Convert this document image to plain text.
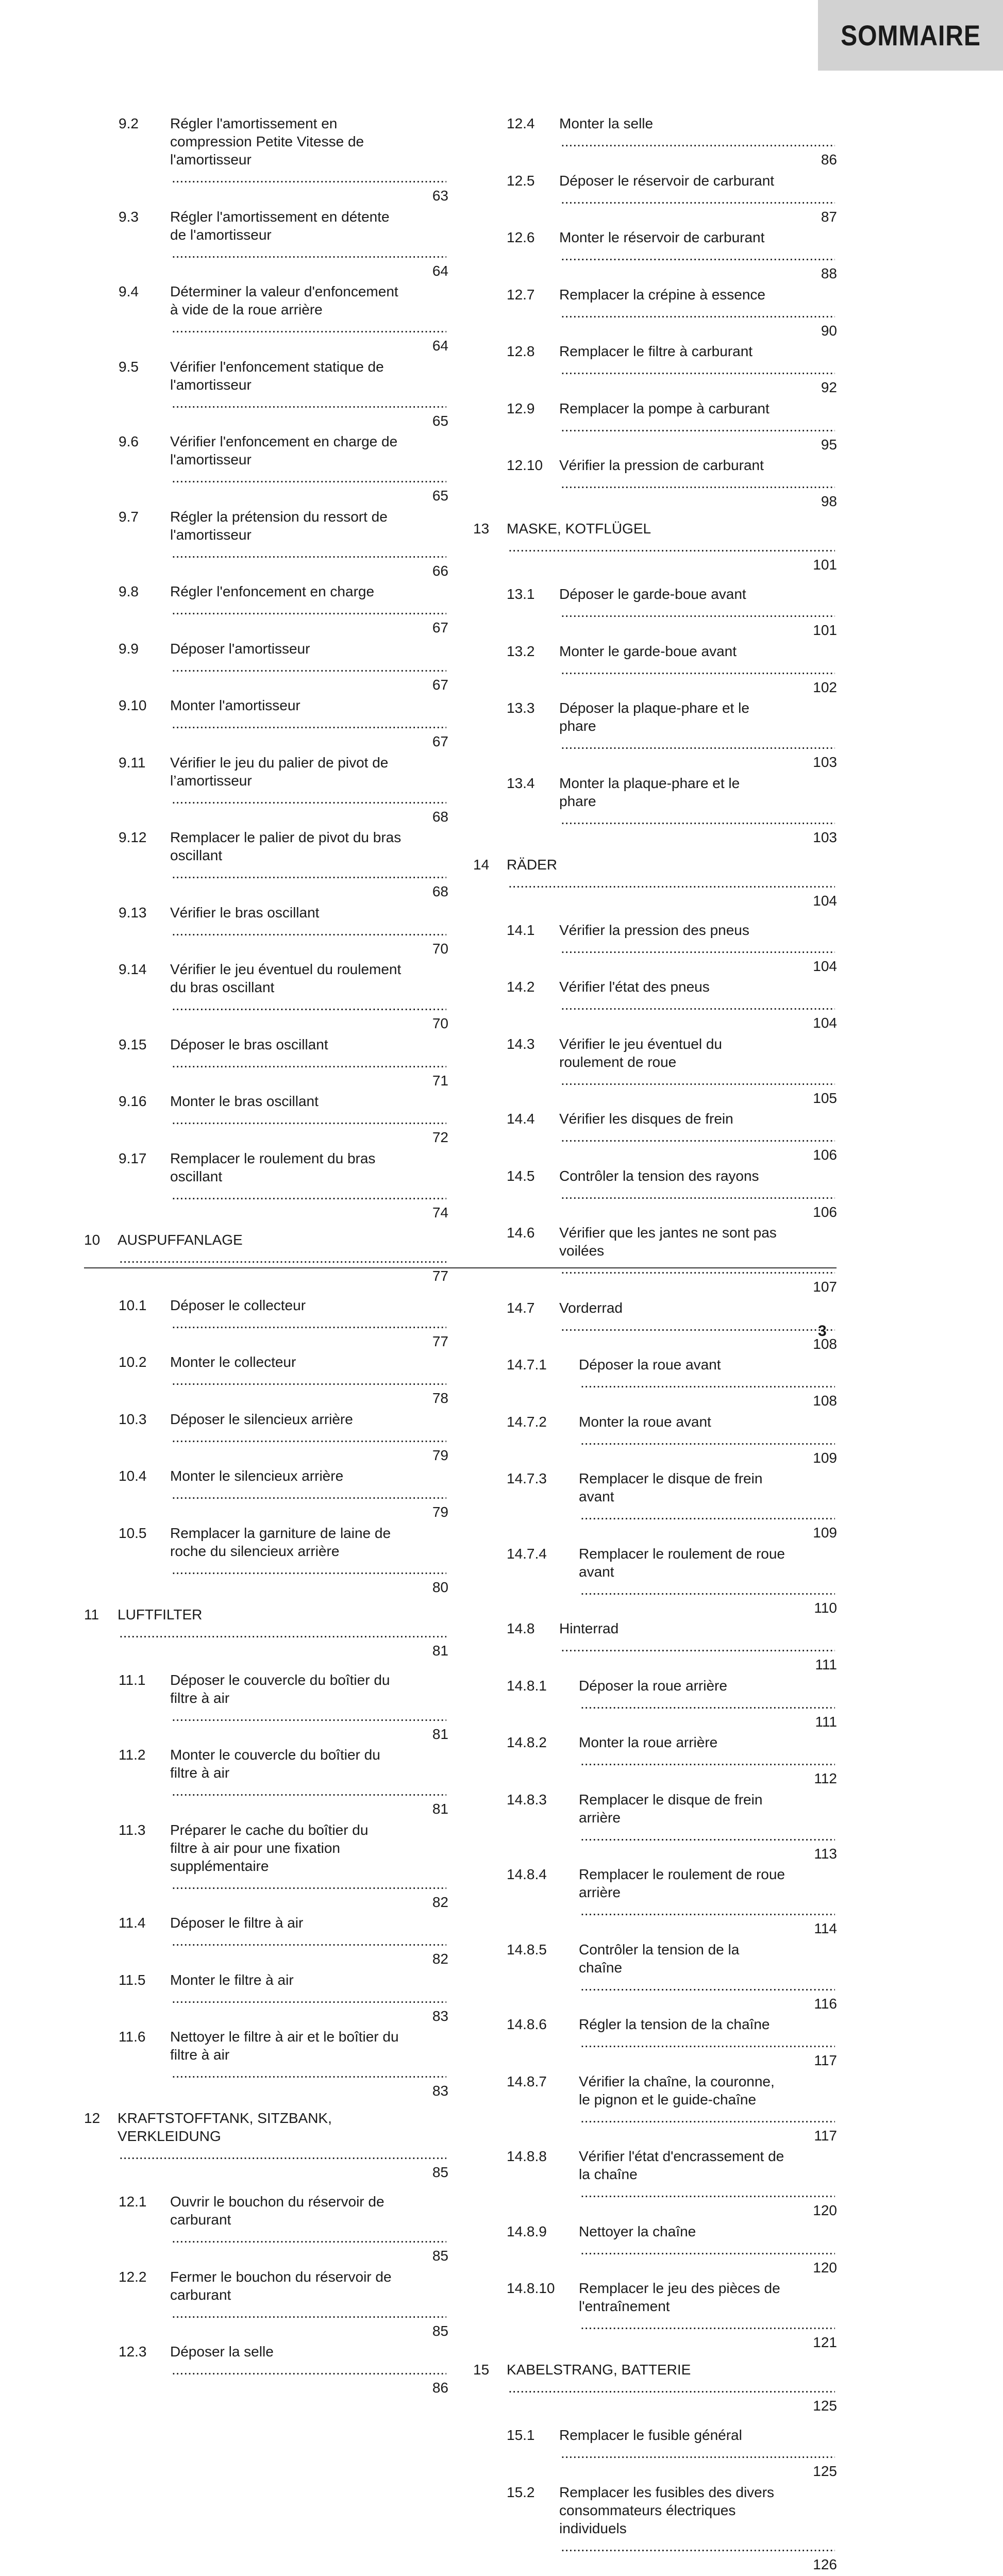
SOMMAIRE
9.2 Régler l'amortissement en
compression Petite Vitesse de
l'amortisseur
.....
63
9.3 Régler l'amortissement en détente
de l'amortisseur
.....
64
9.4 Déterminer la valeur d'enfoncement
à vide de la roue arrière
.....
64
9.5 Vérifier l'enfoncement statique de
l'amortisseur
.....
65
9.6 Vérifier l'enfoncement en charge de
l'amortisseur
.....
65
9.7 Régler la prétension du ressort de
l'amortisseur
.....
66
9.8 Régler l'enfoncement en charge
.....
67
9.9 Déposer l'amortisseur
.....
67
9.10 Monter l'amortisseur
.....
67
9.11 Vérifier le jeu du palier de pivot de
l’amortisseur
.....
68
9.12 Remplacer le palier de pivot du bras
oscillant
.....
68
9.13 Vérifier le bras oscillant
.....
70
9.14 Vérifier le jeu éventuel du roulement
du bras oscillant
.....
70
9.15 Déposer le bras oscillant
.....
71
9.16 Monter le bras oscillant
.....
72
9.17 Remplacer le roulement du bras
oscillant
.....
74
10 AUSPUFFANLAGE
.....
77
10.1 Déposer le collecteur
.....
77
10.2 Monter le collecteur
.....
78
10.3 Déposer le silencieux arrière
.....
79
10.4 Monter le silencieux arrière
.....
79
10.5 Remplacer la garniture de laine de
roche du silencieux arrière
.....
80
11 LUFTFILTER
.....
81
11.1 Déposer le couvercle du boîtier du
filtre à air
.....
81
11.2 Monter le couvercle du boîtier du
filtre à air
.....
81
11.3 Préparer le cache du boîtier du
filtre à air pour une fixation
supplémentaire
.....
82
11.4 Déposer le filtre à air
.....
82
11.5 Monter le filtre à air
.....
83
11.6 Nettoyer le filtre à air et le boîtier du
filtre à air
.....
83
12 KRAFTSTOFFTANK, SITZBANK,
VERKLEIDUNG
.....
85
12.1 Ouvrir le bouchon du réservoir de
carburant
.....
85
12.2 Fermer le bouchon du réservoir de
carburant
.....
85
12.3 Déposer la selle
.....
86
12.4 Monter la selle
.....
86
12.5 Déposer le réservoir de carburant
.....
87
12.6 Monter le réservoir de carburant
.....
88
12.7 Remplacer la crépine à essence
.....
90
12.8 Remplacer le filtre à carburant
.....
92
12.9 Remplacer la pompe à carburant
.....
95
12.10 Vérifier la pression de carburant
.....
98
13 MASKE, KOTFLÜGEL
.....
101
13.1 Déposer le garde-boue avant
.....
101
13.2 Monter le garde-boue avant
.....
102
13.3 Déposer la plaque-phare et le
phare
.....
103
13.4 Monter la plaque-phare et le
phare
.....
103
14 RÄDER
.....
104
14.1 Vérifier la pression des pneus
.....
104
14.2 Vérifier l'état des pneus
.....
104
14.3 Vérifier le jeu éventuel du
roulement de roue
.....
105
14.4 Vérifier les disques de frein
.....
106
14.5 Contrôler la tension des rayons
.....
106
14.6 Vérifier que les jantes ne sont pas
voilées
.....
107
14.7 Vorderrad
.....
108
14.7.1 Déposer la roue avant
.....
108
14.7.2 Monter la roue avant
.....
109
14.7.3 Remplacer le disque de frein
avant
.....
109
14.7.4 Remplacer le roulement de roue
avant
.....
110
14.8 Hinterrad
.....
111
14.8.1 Déposer la roue arrière
.....
111
14.8.2 Monter la roue arrière
.....
112
14.8.3 Remplacer le disque de frein
arrière
.....
113
14.8.4 Remplacer le roulement de roue
arrière
.....
114
14.8.5 Contrôler la tension de la
chaîne
.....
116
14.8.6 Régler la tension de la chaîne
.....
117
14.8.7 Vérifier la chaîne, la couronne,
le pignon et le guide-chaîne
.....
117
14.8.8 Vérifier l'état d'encrassement de
la chaîne
.....
120
14.8.9 Nettoyer la chaîne
.....
120
14.8.10 Remplacer le jeu des pièces de
l'entraînement
.....
121
15 KABELSTRANG, BATTERIE
.....
125
15.1 Remplacer le fusible général
.....
125
15.2 Remplacer les fusibles des divers
consommateurs électriques
individuels
.....
126
3
